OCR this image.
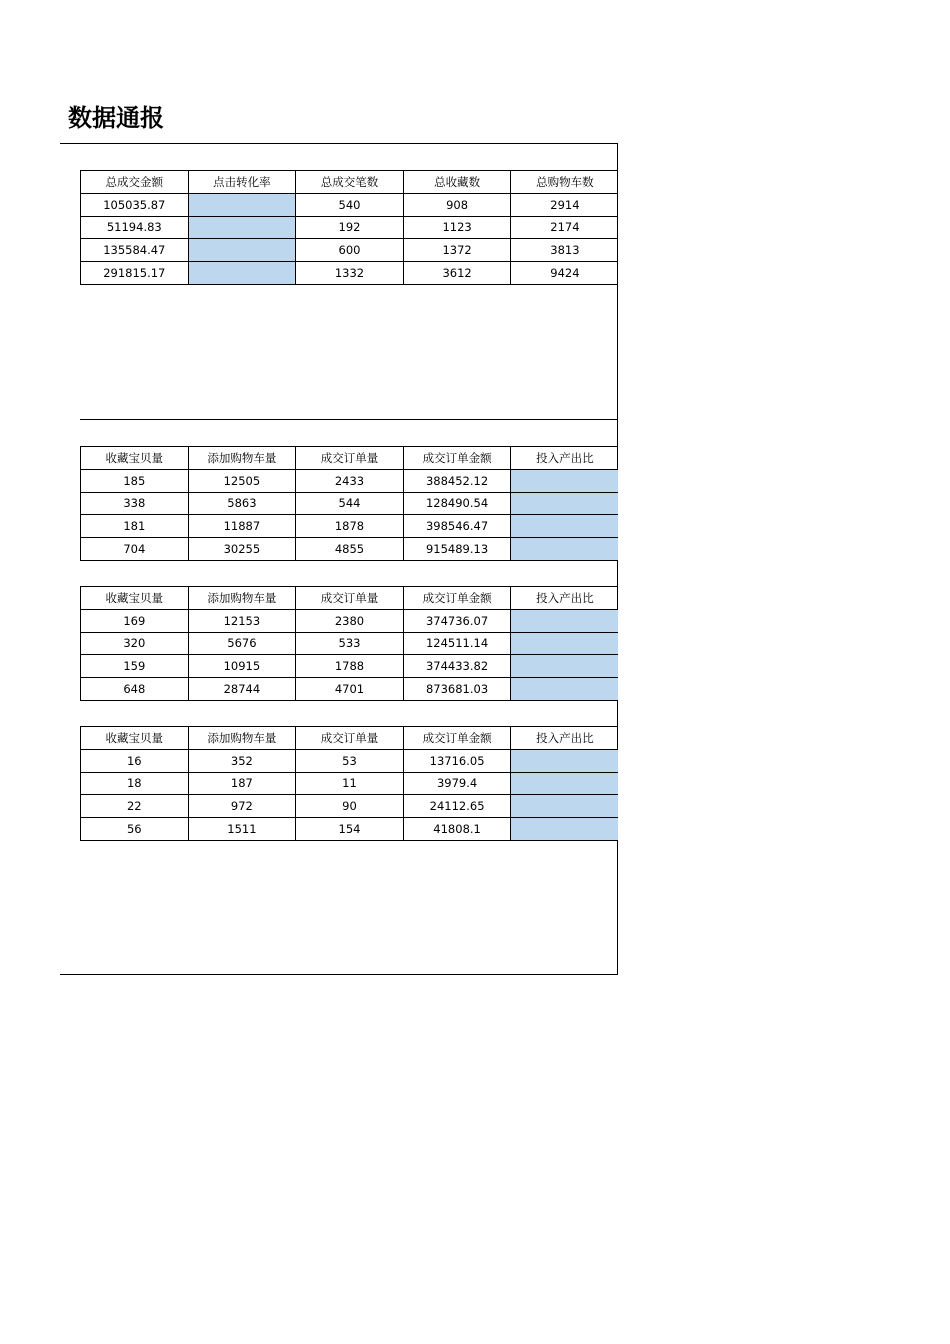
数据通报
总成交金额	点击转化率	总成交笔数	总收藏数	总购物车数
105035.87		540	908	2914
51194.83		192	1123	2174
135584.47		600	1372	3813
291815.17		1332	3612	9424
收藏宝贝量	添加购物车量	成交订单量	成交订单金额	投入产出比
185	12505	2433	388452.12	
338	5863	544	128490.54	
181	11887	1878	398546.47	
704	30255	4855	915489.13	
收藏宝贝量	添加购物车量	成交订单量	成交订单金额	投入产出比
169	12153	2380	374736.07	
320	5676	533	124511.14	
159	10915	1788	374433.82	
648	28744	4701	873681.03	
收藏宝贝量	添加购物车量	成交订单量	成交订单金额	投入产出比
16	352	53	13716.05	
18	187	11	3979.4	
22	972	90	24112.65	
56	1511	154	41808.1	
